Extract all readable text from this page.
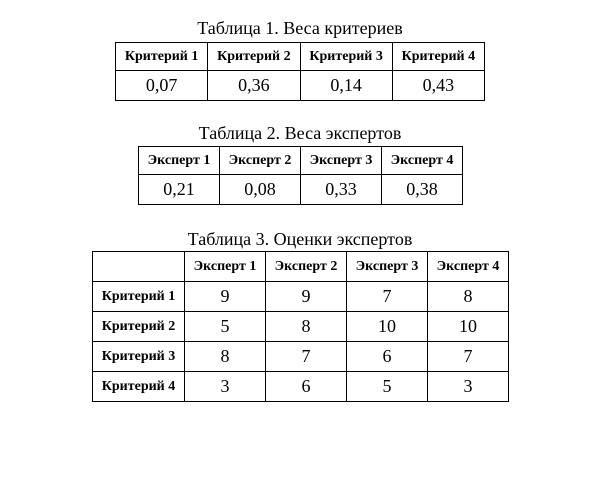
Таблица 1. Веса критериев
Критерий 1	Критерий 2	Критерий 3	Критерий 4
0,07	0,36	0,14	0,43
Таблица 2. Веса экспертов
Эксперт 1	Эксперт 2	Эксперт 3	Эксперт 4
0,21	0,08	0,33	0,38
Таблица 3. Оценки экспертов
	Эксперт 1	Эксперт 2	Эксперт 3	Эксперт 4
Критерий 1	9	9	7	8
Критерий 2	5	8	10	10
Критерий 3	8	7	6	7
Критерий 4	3	6	5	3
